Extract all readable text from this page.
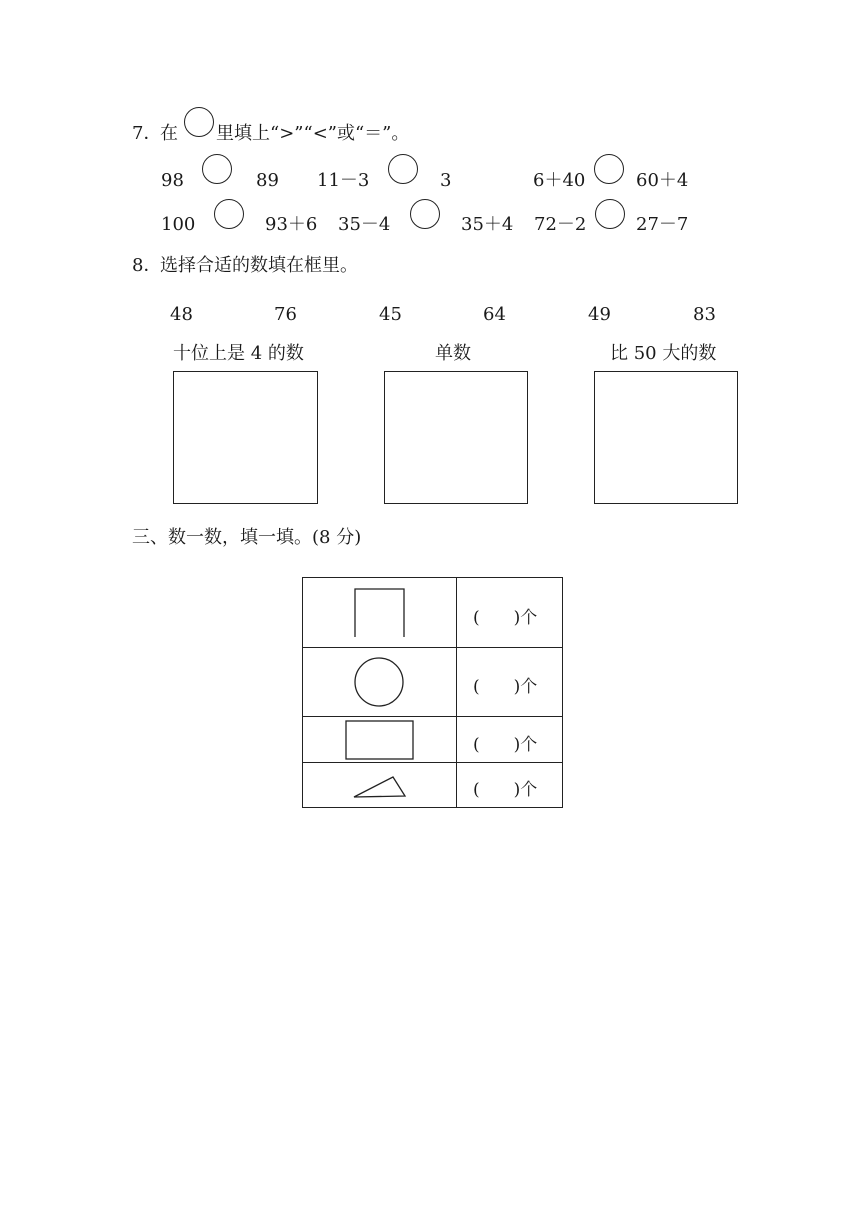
7．
在 里填上“>”“<”或“＝”。
98	89 11－3	3	6＋40	60＋4
100	93＋6 35－4	35＋4 72－2	27－7
8．
选择合适的数填在框里。
48	76	45	64	49	83
十位上是 4 的数	单数	比 50 大的数
三、数一数，填一填。(8 分)
(　　)个
(　　)个
(　　)个
(　　)个
